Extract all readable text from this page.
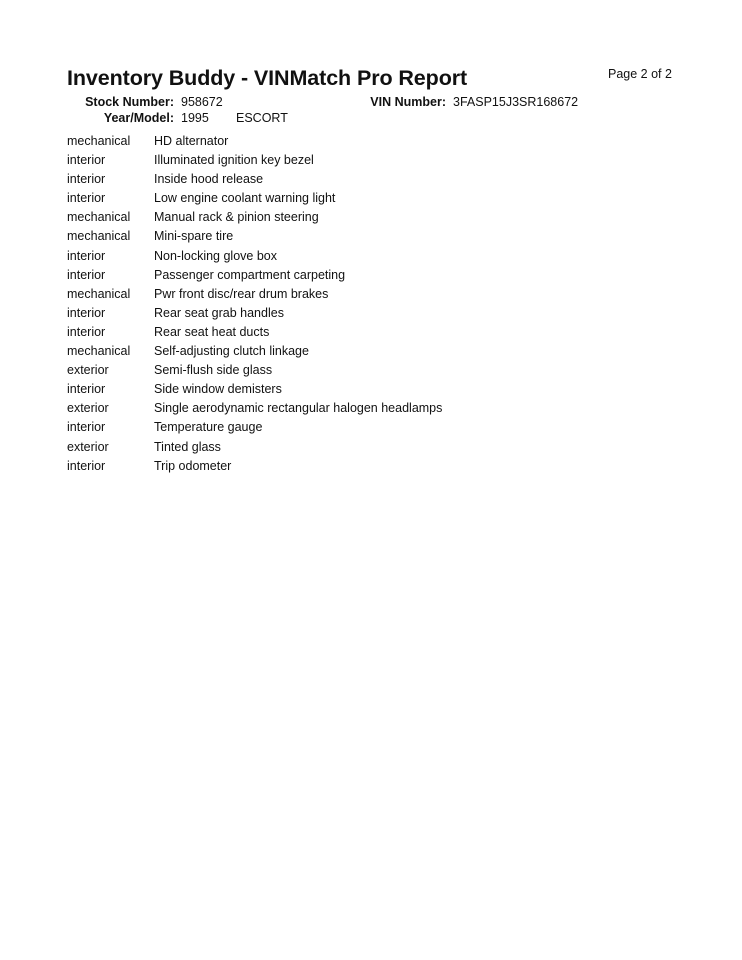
Inventory Buddy - VINMatch Pro Report	Page 2 of 2
Stock Number: 958672	VIN Number: 3FASP15J3SR168672
Year/Model: 1995 ESCORT
mechanical	HD alternator
interior	Illuminated ignition key bezel
interior	Inside hood release
interior	Low engine coolant warning light
mechanical	Manual rack & pinion steering
mechanical	Mini-spare tire
interior	Non-locking glove box
interior	Passenger compartment carpeting
mechanical	Pwr front disc/rear drum brakes
interior	Rear seat grab handles
interior	Rear seat heat ducts
mechanical	Self-adjusting clutch linkage
exterior	Semi-flush side glass
interior	Side window demisters
exterior	Single aerodynamic rectangular halogen headlamps
interior	Temperature gauge
exterior	Tinted glass
interior	Trip odometer
